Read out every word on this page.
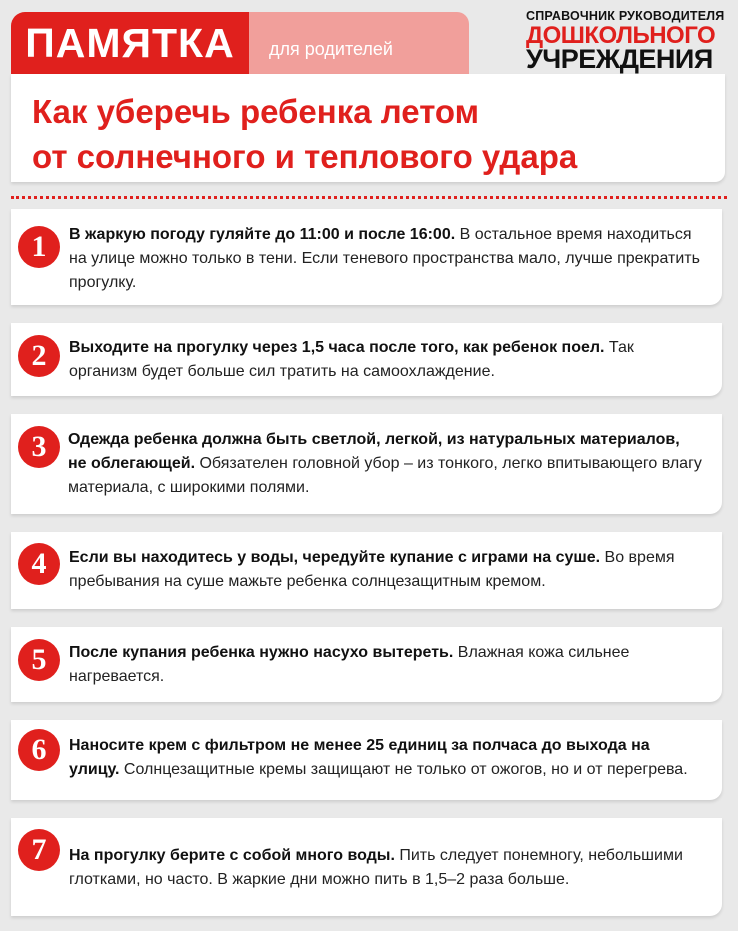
ПАМЯТКА	для родителей
СПРАВОЧНИК РУКОВОДИТЕЛЯ
ДОШКОЛЬНОГО
УЧРЕЖДЕНИЯ
Как уберечь ребенка летом
от солнечного и теплового удара
1	В жаркую погоду гуляйте до 11:00 и после 16:00. В остальное время находиться на улице можно только в тени. Если теневого пространства мало, лучше прекратить прогулку.
2	Выходите на прогулку через 1,5 часа после того, как ребенок поел. Так организм будет больше сил тратить на самоохлаждение.
3	Одежда ребенка должна быть светлой, легкой, из натуральных материалов, не облегающей. Обязателен головной убор – из тонкого, легко впитывающего влагу материала, с широкими полями.
4	Если вы находитесь у воды, чередуйте купание с играми на суше. Во время пребывания на суше мажьте ребенка солнцезащитным кремом.
5	После купания ребенка нужно насухо вытереть. Влажная кожа сильнее нагревается.
6	Наносите крем с фильтром не менее 25 единиц за полчаса до выхода на улицу. Солнцезащитные кремы защищают не только от ожогов, но и от перегрева.
7	На прогулку берите с собой много воды. Пить следует понемногу, небольшими глотками, но часто. В жаркие дни можно пить в 1,5–2 раза больше.
